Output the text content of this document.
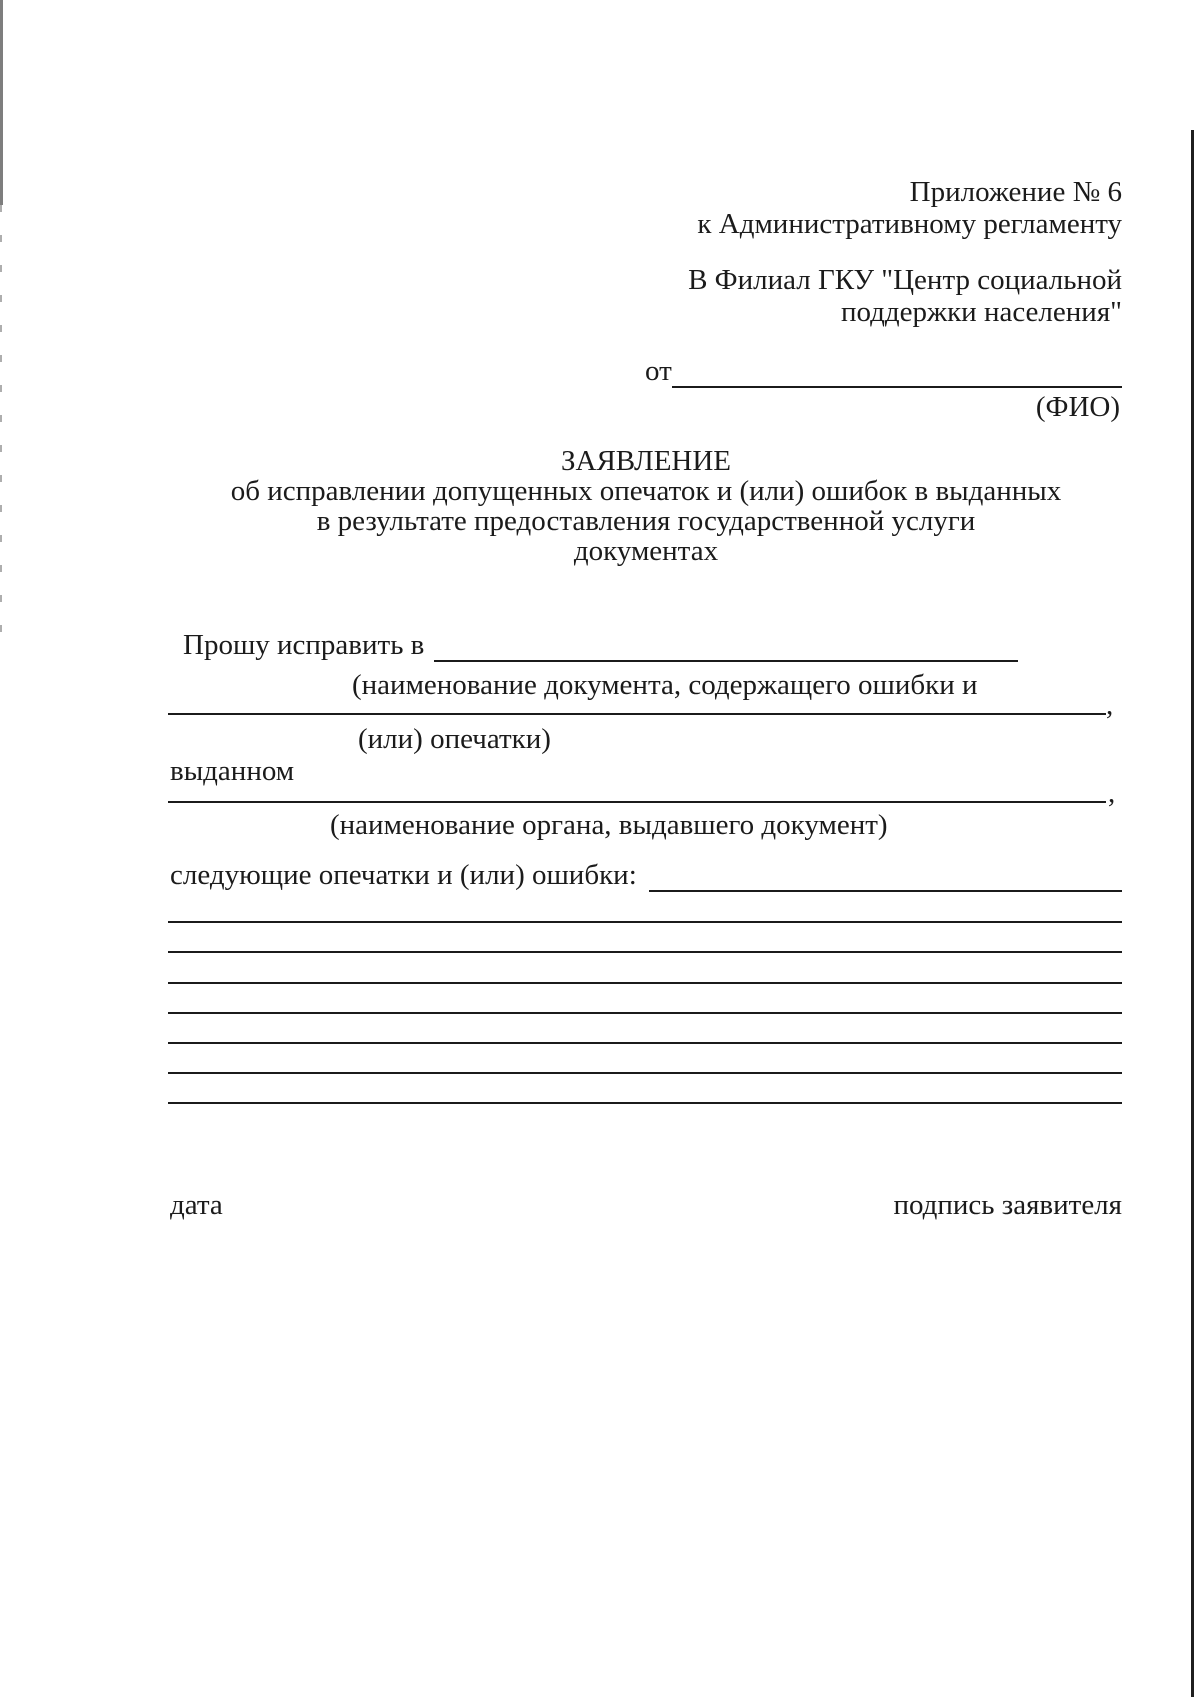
Приложение № 6
к Административному регламенту
В Филиал ГКУ "Центр социальной
поддержки населения"
от
(ФИО)
ЗАЯВЛЕНИЕ
об исправлении допущенных опечаток и (или) ошибок в выданных
в результате предоставления государственной услуги
документах
Прошу исправить в
(наименование документа, содержащего ошибки и
,
(или) опечатки)
выданном
,
(наименование органа, выдавшего документ)
следующие опечатки и (или) ошибки:
дата	подпись заявителя
